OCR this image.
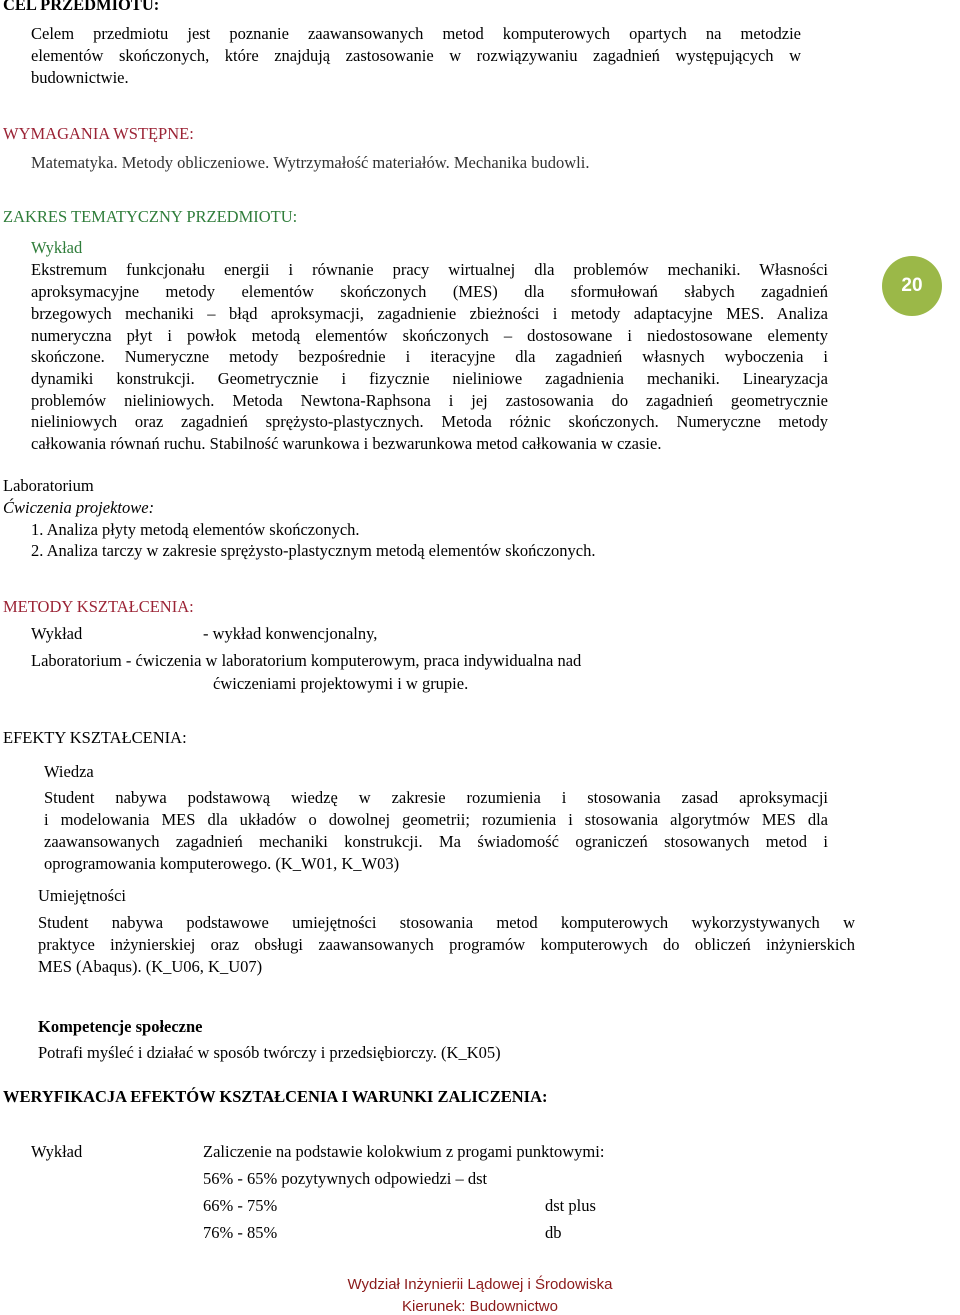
CEL PRZEDMIOTU:
Celem przedmiotu jest poznanie zaawansowanych metod komputerowych opartych na metodzie
elementów skończonych, które znajdują zastosowanie w rozwiązywaniu zagadnień występujących w
budownictwie.
WYMAGANIA WSTĘPNE:
Matematyka. Metody obliczeniowe. Wytrzymałość materiałów. Mechanika budowli.
ZAKRES TEMATYCZNY PRZEDMIOTU:
Wykład
Ekstremum funkcjonału energii i równanie pracy wirtualnej dla problemów mechaniki. Własności
aproksymacyjne metody elementów skończonych (MES) dla sformułowań słabych zagadnień
brzegowych mechaniki – błąd aproksymacji, zagadnienie zbieżności i metody adaptacyjne MES. Analiza
numeryczna płyt i powłok metodą elementów skończonych – dostosowane i niedostosowane elementy
skończone. Numeryczne metody bezpośrednie i iteracyjne dla zagadnień własnych wyboczenia i
dynamiki konstrukcji. Geometrycznie i fizycznie nieliniowe zagadnienia mechaniki. Linearyzacja
problemów nieliniowych. Metoda Newtona-Raphsona i jej zastosowania do zagadnień geometrycznie
nieliniowych oraz zagadnień sprężysto-plastycznych. Metoda różnic skończonych. Numeryczne metody
całkowania równań ruchu. Stabilność warunkowa i bezwarunkowa metod całkowania w czasie.
Laboratorium
Ćwiczenia projektowe:
1. Analiza płyty metodą elementów skończonych.
2. Analiza tarczy w zakresie sprężysto-plastycznym metodą elementów skończonych.
METODY KSZTAŁCENIA:
Wykład	- wykład konwencjonalny,
Laboratorium - ćwiczenia w laboratorium komputerowym, praca indywidualna nad
ćwiczeniami projektowymi i w grupie.
EFEKTY KSZTAŁCENIA:
Wiedza
Student nabywa podstawową wiedzę w zakresie rozumienia i stosowania zasad aproksymacji
i modelowania MES dla układów o dowolnej geometrii; rozumienia i stosowania algorytmów MES dla
zaawansowanych zagadnień mechaniki konstrukcji. Ma świadomość ograniczeń stosowanych metod i
oprogramowania komputerowego. (K_W01, K_W03)
Umiejętności
Student nabywa podstawowe umiejętności stosowania metod komputerowych wykorzystywanych w
praktyce inżynierskiej oraz obsługi zaawansowanych programów komputerowych do obliczeń inżynierskich
MES (Abaqus). (K_U06, K_U07)
Kompetencje społeczne
Potrafi myśleć i działać w sposób twórczy i przedsiębiorczy. (K_K05)
WERYFIKACJA EFEKTÓW KSZTAŁCENIA I WARUNKI ZALICZENIA:
Wykład	Zaliczenie na podstawie kolokwium z progami punktowymi:
56% - 65% pozytywnych odpowiedzi – dst
66% - 75%	dst plus
76% - 85%	db
20
Wydział Inżynierii Lądowej i Środowiska
Kierunek: Budownictwo
